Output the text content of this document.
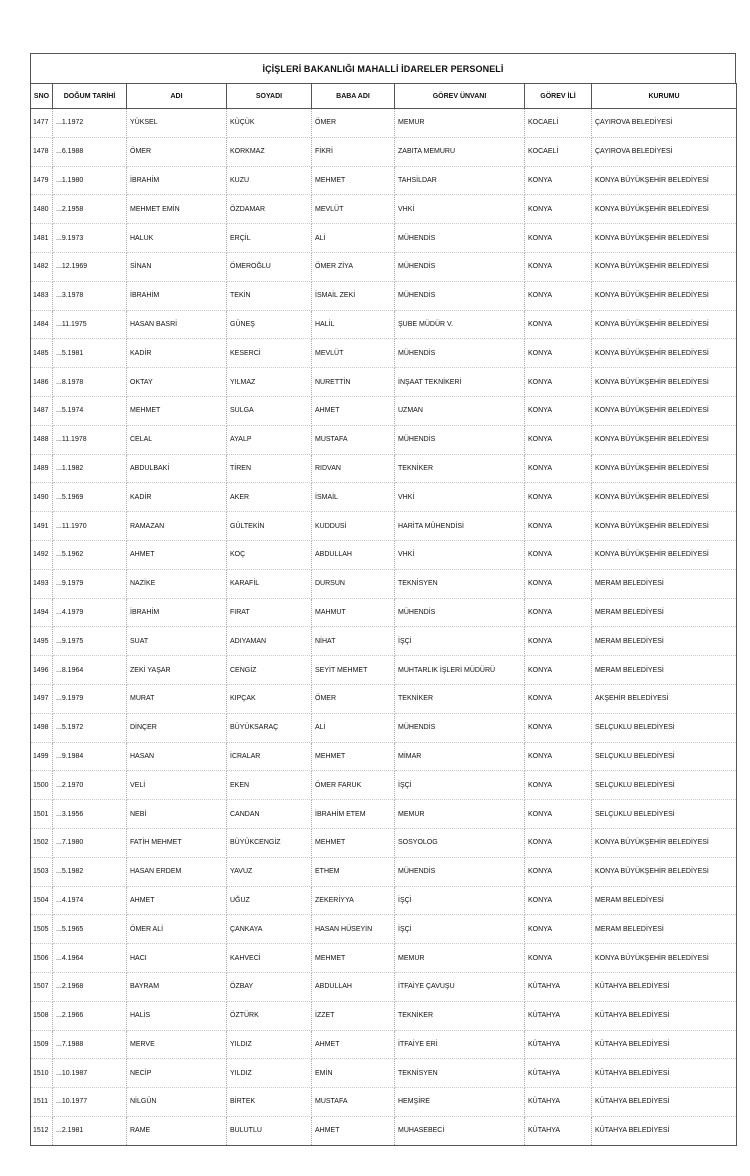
İÇİŞLERİ BAKANLIĞI MAHALLİ İDARELER PERSONELİ
SNO	DOĞUM TARİHİ	ADI	SOYADI	BABA ADI	GÖREV ÜNVANI	GÖREV İLİ	KURUMU
1477	...1.1972	YÜKSEL	KÜÇÜK	ÖMER	MEMUR	KOCAELİ	ÇAYIROVA BELEDİYESİ
1478	...6.1988	ÖMER	KORKMAZ	FİKRİ	ZABITA MEMURU	KOCAELİ	ÇAYIROVA BELEDİYESİ
1479	...1.1980	İBRAHİM	KUZU	MEHMET	TAHSİLDAR	KONYA	KONYA BÜYÜKŞEHİR BELEDİYESİ
1480	...2.1958	MEHMET EMİN	ÖZDAMAR	MEVLÜT	VHKİ	KONYA	KONYA BÜYÜKŞEHİR BELEDİYESİ
1481	...9.1973	HALUK	ERÇİL	ALİ	MÜHENDİS	KONYA	KONYA BÜYÜKŞEHİR BELEDİYESİ
1482	...12.1969	SİNAN	ÖMEROĞLU	ÖMER ZİYA	MÜHENDİS	KONYA	KONYA BÜYÜKŞEHİR BELEDİYESİ
1483	...3.1978	İBRAHİM	TEKİN	İSMAİL ZEKİ	MÜHENDİS	KONYA	KONYA BÜYÜKŞEHİR BELEDİYESİ
1484	...11.1975	HASAN BASRİ	GÜNEŞ	HALİL	ŞUBE MÜDÜR V.	KONYA	KONYA BÜYÜKŞEHİR BELEDİYESİ
1485	...5.1981	KADİR	KESERCİ	MEVLÜT	MÜHENDİS	KONYA	KONYA BÜYÜKŞEHİR BELEDİYESİ
1486	...8.1978	OKTAY	YILMAZ	NURETTİN	İNŞAAT TEKNİKERİ	KONYA	KONYA BÜYÜKŞEHİR BELEDİYESİ
1487	...5.1974	MEHMET	SULGA	AHMET	UZMAN	KONYA	KONYA BÜYÜKŞEHİR BELEDİYESİ
1488	...11.1978	CELAL	AYALP	MUSTAFA	MÜHENDİS	KONYA	KONYA BÜYÜKŞEHİR BELEDİYESİ
1489	...1.1982	ABDULBAKİ	TİREN	RIDVAN	TEKNİKER	KONYA	KONYA BÜYÜKŞEHİR BELEDİYESİ
1490	...5.1969	KADİR	AKER	İSMAİL	VHKİ	KONYA	KONYA BÜYÜKŞEHİR BELEDİYESİ
1491	...11.1970	RAMAZAN	GÜLTEKİN	KUDDUSİ	HARİTA MÜHENDİSİ	KONYA	KONYA BÜYÜKŞEHİR BELEDİYESİ
1492	...5.1962	AHMET	KOÇ	ABDULLAH	VHKİ	KONYA	KONYA BÜYÜKŞEHİR BELEDİYESİ
1493	...9.1979	NAZİKE	KARAFİL	DURSUN	TEKNİSYEN	KONYA	MERAM BELEDİYESİ
1494	...4.1979	İBRAHİM	FIRAT	MAHMUT	MÜHENDİS	KONYA	MERAM BELEDİYESİ
1495	...9.1975	SUAT	ADIYAMAN	NİHAT	İŞÇİ	KONYA	MERAM BELEDİYESİ
1496	...8.1964	ZEKİ YAŞAR	CENGİZ	SEYİT MEHMET	MUHTARLIK İŞLERİ MÜDÜRÜ	KONYA	MERAM BELEDİYESİ
1497	...9.1979	MURAT	KIPÇAK	ÖMER	TEKNİKER	KONYA	AKŞEHİR BELEDİYESİ
1498	...5.1972	DİNÇER	BÜYÜKSARAÇ	ALİ	MÜHENDİS	KONYA	SELÇUKLU BELEDİYESİ
1499	...9.1984	HASAN	İCRALAR	MEHMET	MİMAR	KONYA	SELÇUKLU BELEDİYESİ
1500	...2.1970	VELİ	EKEN	ÖMER FARUK	İŞÇİ	KONYA	SELÇUKLU BELEDİYESİ
1501	...3.1956	NEBİ	CANDAN	İBRAHİM ETEM	MEMUR	KONYA	SELÇUKLU BELEDİYESİ
1502	...7.1980	FATİH MEHMET	BÜYÜKCENGİZ	MEHMET	SOSYOLOG	KONYA	KONYA BÜYÜKŞEHİR BELEDİYESİ
1503	...5.1982	HASAN ERDEM	YAVUZ	ETHEM	MÜHENDİS	KONYA	KONYA BÜYÜKŞEHİR BELEDİYESİ
1504	...4.1974	AHMET	UĞUZ	ZEKERİYYA	İŞÇİ	KONYA	MERAM BELEDİYESİ
1505	...5.1965	ÖMER ALİ	ÇANKAYA	HASAN HÜSEYİN	İŞÇİ	KONYA	MERAM BELEDİYESİ
1506	...4.1964	HACI	KAHVECİ	MEHMET	MEMUR	KONYA	KONYA BÜYÜKŞEHİR BELEDİYESİ
1507	...2.1968	BAYRAM	ÖZBAY	ABDULLAH	İTFAİYE ÇAVUŞU	KÜTAHYA	KÜTAHYA BELEDİYESİ
1508	...2.1966	HALİS	ÖZTÜRK	İZZET	TEKNİKER	KÜTAHYA	KÜTAHYA BELEDİYESİ
1509	...7.1988	MERVE	YILDIZ	AHMET	İTFAİYE ERİ	KÜTAHYA	KÜTAHYA BELEDİYESİ
1510	...10.1987	NECİP	YILDIZ	EMİN	TEKNİSYEN	KÜTAHYA	KÜTAHYA BELEDİYESİ
1511	...10.1977	NİLGÜN	BİRTEK	MUSTAFA	HEMŞİRE	KÜTAHYA	KÜTAHYA BELEDİYESİ
1512	...2.1981	RAME	BULUTLU	AHMET	MUHASEBECİ	KÜTAHYA	KÜTAHYA BELEDİYESİ
